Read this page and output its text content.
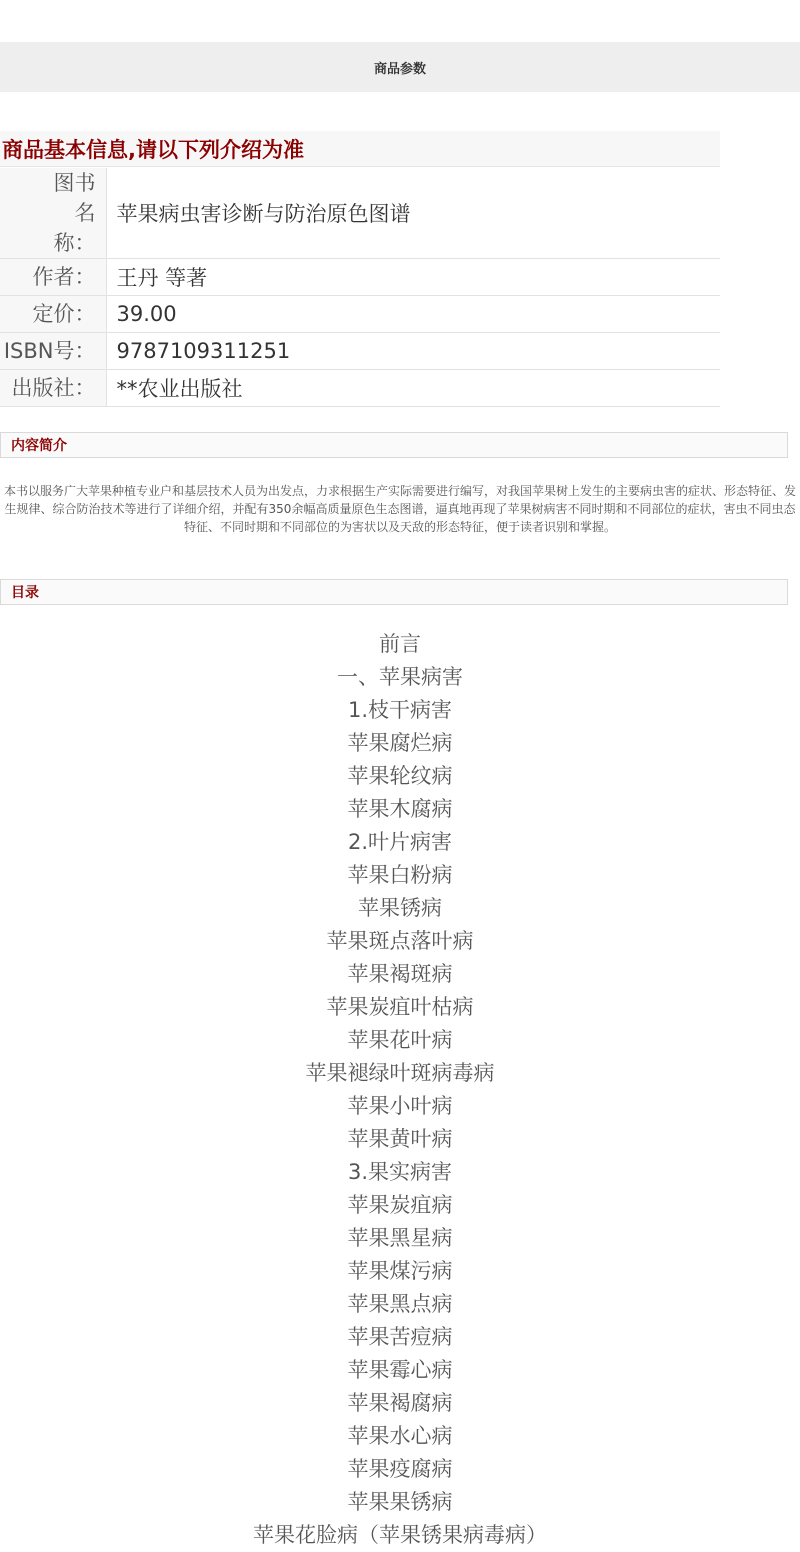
商品参数
商品基本信息,请以下列介绍为准
图书名称：	苹果病虫害诊断与防治原色图谱
作者：	王丹 等著
定价：	39.00
ISBN号：	9787109311251
出版社：	**农业出版社
内容简介
本书以服务广大苹果种植专业户和基层技术人员为出发点，力求根据生产实际需要进行编写，对我国苹果树上发生的主要病虫害的症状、形态特征、发生规律、综合防治技术等进行了详细介绍，并配有350余幅高质量原色生态图谱，逼真地再现了苹果树病害不同时期和不同部位的症状，害虫不同虫态特征、不同时期和不同部位的为害状以及天敌的形态特征，便于读者识别和掌握。
目录
前言
一、苹果病害
1.枝干病害
苹果腐烂病
苹果轮纹病
苹果木腐病
2.叶片病害
苹果白粉病
苹果锈病
苹果斑点落叶病
苹果褐斑病
苹果炭疽叶枯病
苹果花叶病
苹果褪绿叶斑病毒病
苹果小叶病
苹果黄叶病
3.果实病害
苹果炭疽病
苹果黑星病
苹果煤污病
苹果黑点病
苹果苦痘病
苹果霉心病
苹果褐腐病
苹果水心病
苹果疫腐病
苹果果锈病
苹果花脸病（苹果锈果病毒病）
